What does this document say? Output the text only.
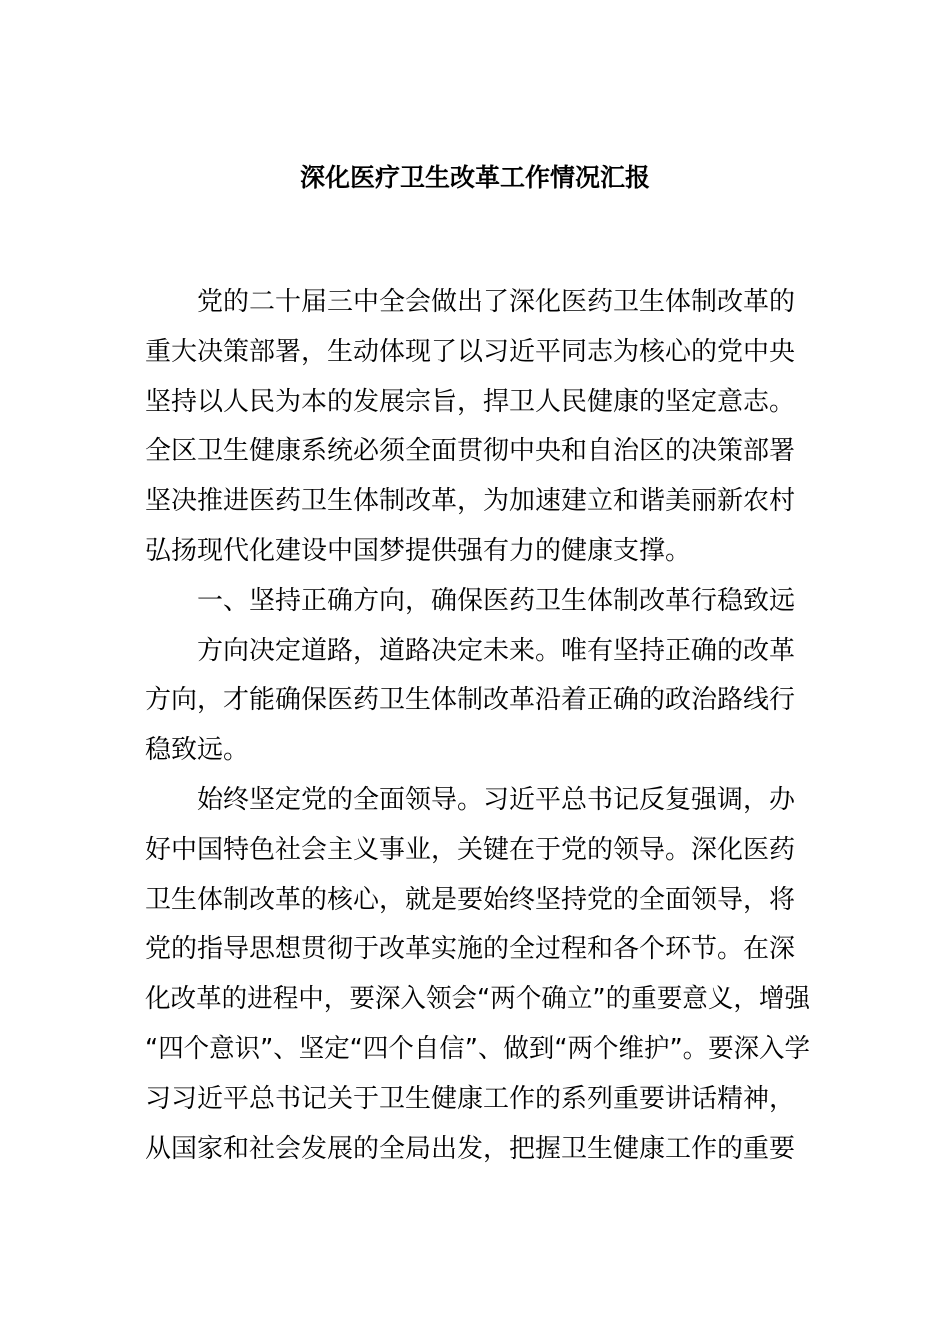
深化医疗卫生改革工作情况汇报
党的二十届三中全会做出了深化医药卫生体制改革的
重大决策部署，生动体现了以习近平同志为核心的党中央
坚持以人民为本的发展宗旨，捍卫人民健康的坚定意志。
全区卫生健康系统必须全面贯彻中央和自治区的决策部署
坚决推进医药卫生体制改革，为加速建立和谐美丽新农村
弘扬现代化建设中国梦提供强有力的健康支撑。
一、坚持正确方向，确保医药卫生体制改革行稳致远
方向决定道路，道路决定未来。唯有坚持正确的改革
方向，才能确保医药卫生体制改革沿着正确的政治路线行
稳致远。
始终坚定党的全面领导。习近平总书记反复强调，办
好中国特色社会主义事业，关键在于党的领导。深化医药
卫生体制改革的核心，就是要始终坚持党的全面领导，将
党的指导思想贯彻于改革实施的全过程和各个环节。在深
化改革的进程中，要深入领会“两个确立”的重要意义，增强
“四个意识”、坚定“四个自信”、做到“两个维护”。要深入学
习习近平总书记关于卫生健康工作的系列重要讲话精神，
从国家和社会发展的全局出发，把握卫生健康工作的重要
